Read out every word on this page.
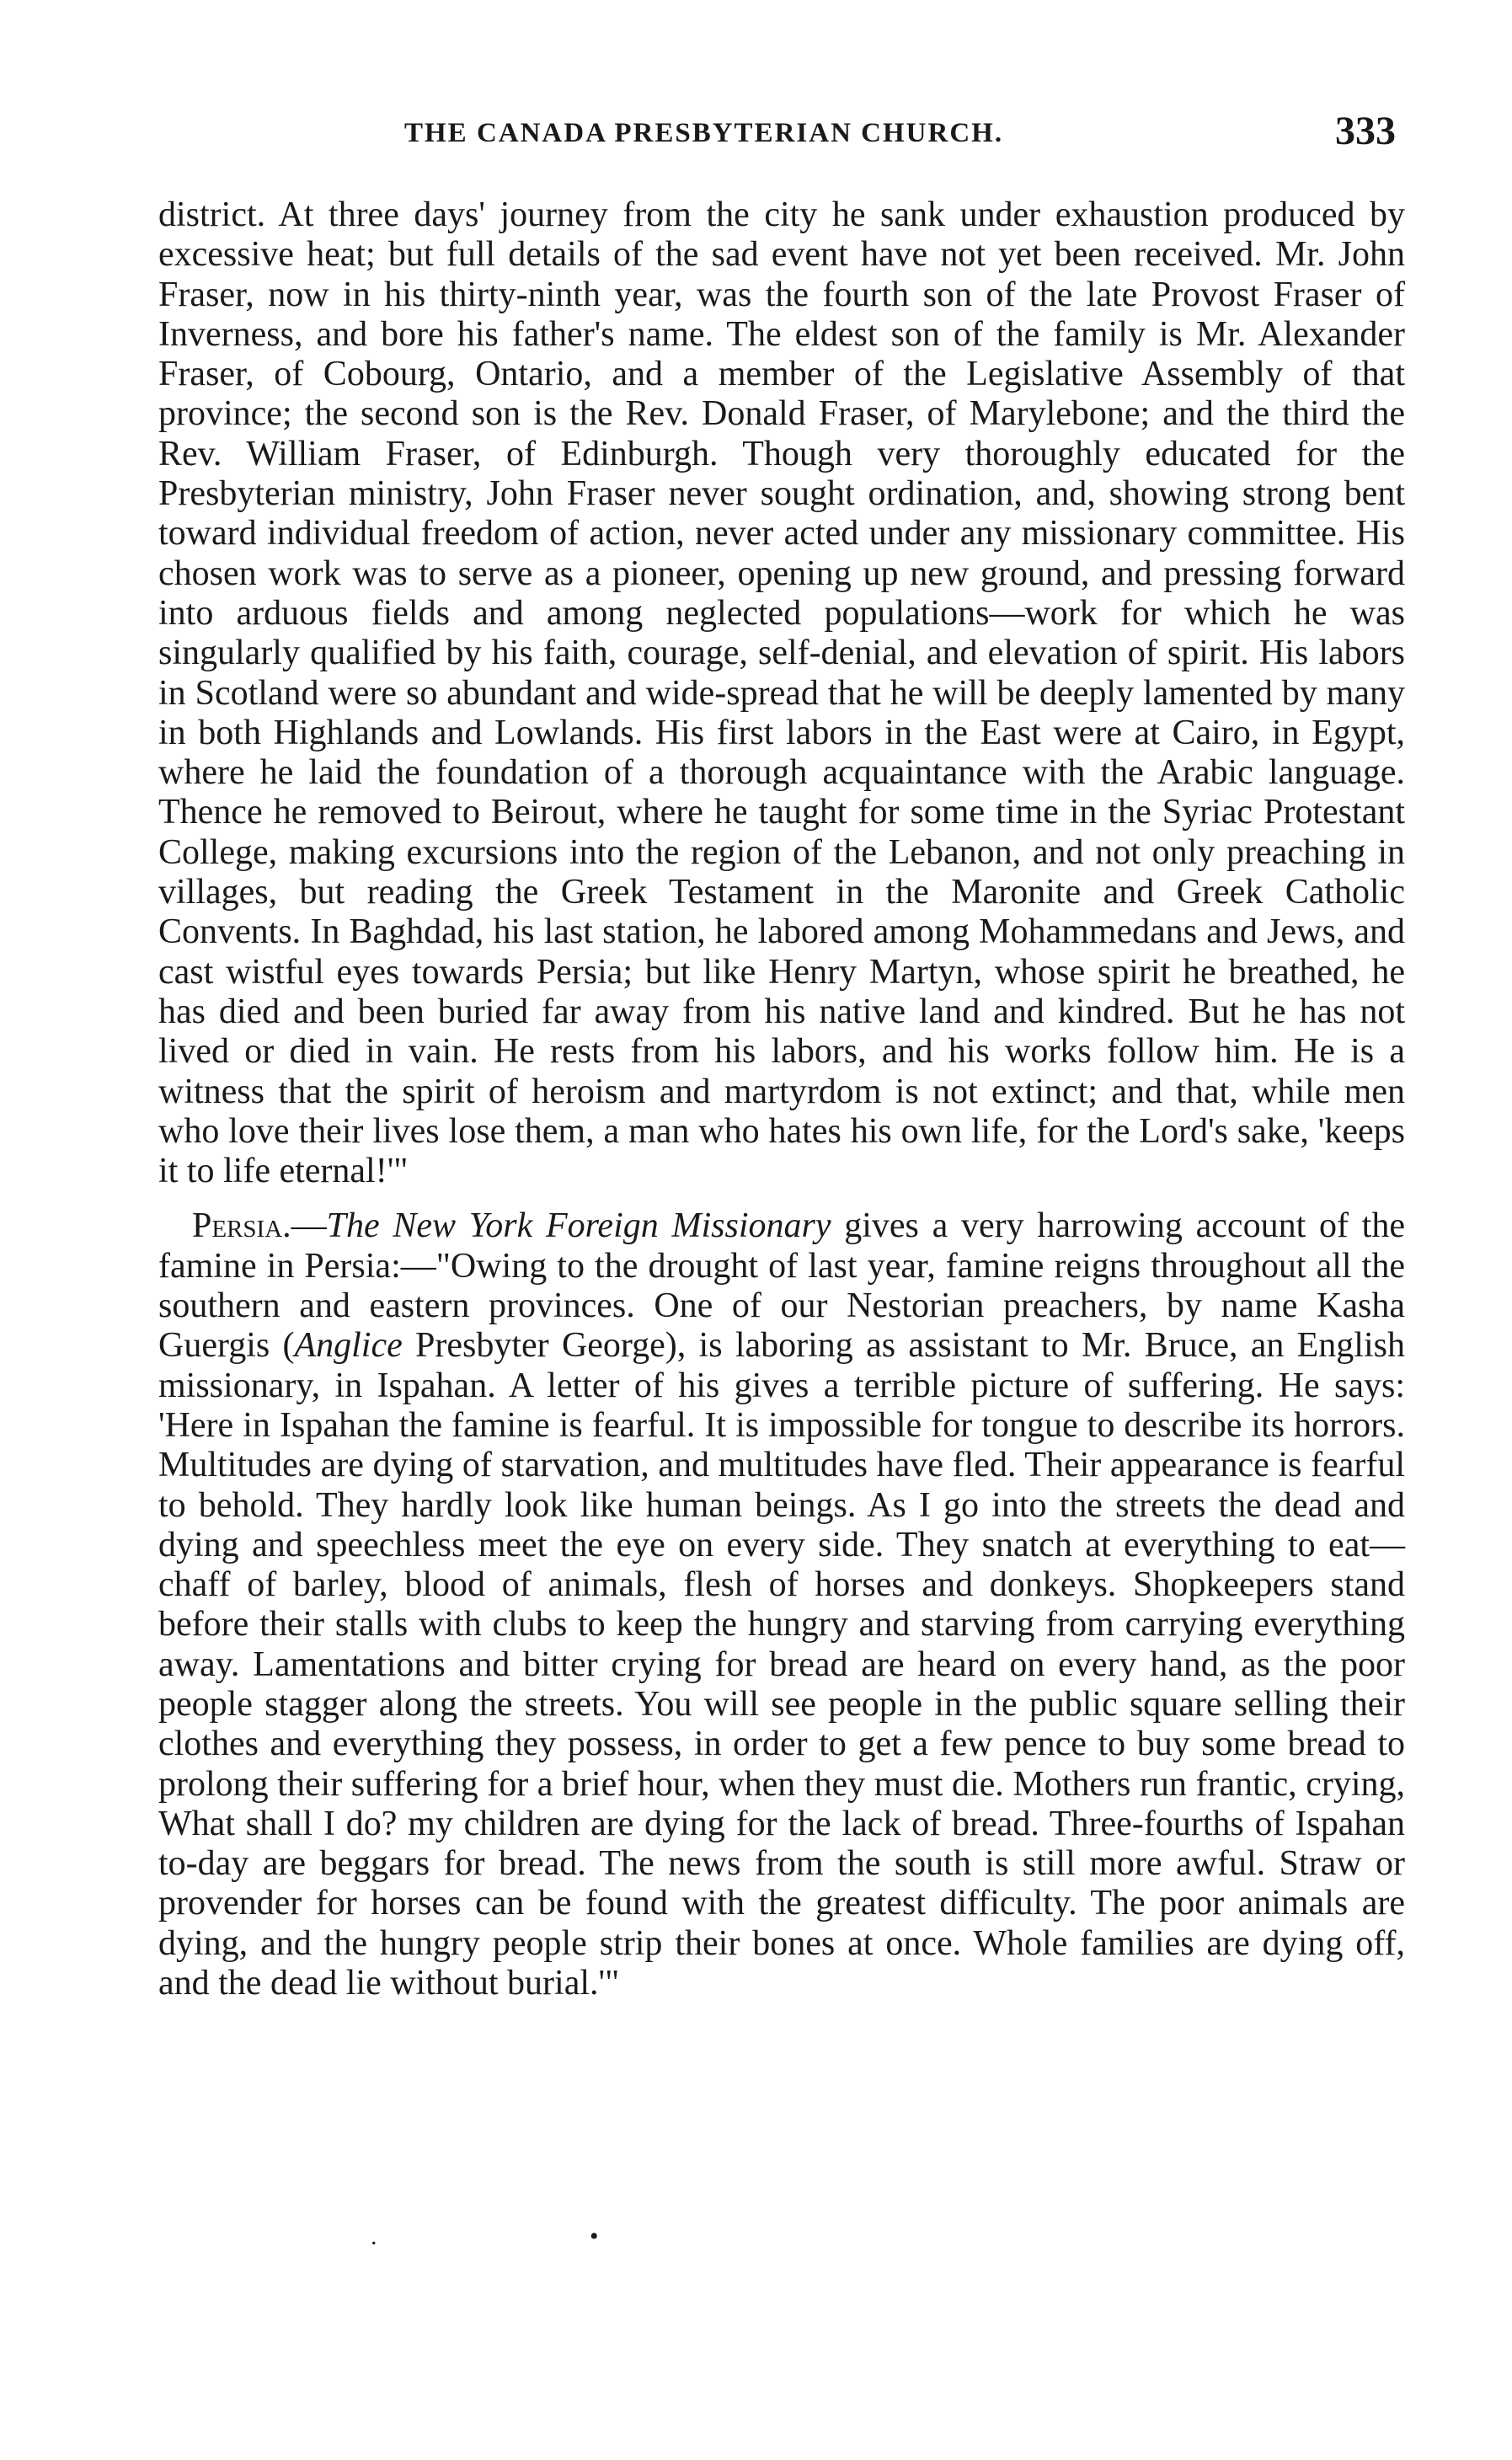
THE CANADA PRESBYTERIAN CHURCH.	333

district. At three days' journey from the city he sank under exhaustion produced by excessive heat; but full details of the sad event have not yet been received. Mr. John Fraser, now in his thirty-ninth year, was the fourth son of the late Provost Fraser of Inverness, and bore his father's name. The eldest son of the family is Mr. Alexander Fraser, of Cobourg, Ontario, and a member of the Legislative Assembly of that province; the second son is the Rev. Donald Fraser, of Marylebone; and the third the Rev. William Fraser, of Edinburgh. Though very thoroughly educated for the Presbyterian ministry, John Fraser never sought ordination, and, showing strong bent toward individual freedom of action, never acted under any missionary committee. His chosen work was to serve as a pioneer, opening up new ground, and pressing forward into arduous fields and among neglected populations—work for which he was singularly qualified by his faith, courage, self-denial, and elevation of spirit. His labors in Scotland were so abundant and wide-spread that he will be deeply lamented by many in both Highlands and Lowlands. His first labors in the East were at Cairo, in Egypt, where he laid the foundation of a thorough acquaintance with the Arabic language. Thence he removed to Beirout, where he taught for some time in the Syriac Protestant College, making excursions into the region of the Lebanon, and not only preaching in villages, but reading the Greek Testament in the Maronite and Greek Catholic Convents. In Baghdad, his last station, he labored among Mohammedans and Jews, and cast wistful eyes towards Persia; but like Henry Martyn, whose spirit he breathed, he has died and been buried far away from his native land and kindred. But he has not lived or died in vain. He rests from his labors, and his works follow him. He is a witness that the spirit of heroism and martyrdom is not extinct; and that, while men who love their lives lose them, a man who hates his own life, for the Lord's sake, 'keeps it to life eternal!'"

Persia.—The New York Foreign Missionary gives a very harrowing account of the famine in Persia:—"Owing to the drought of last year, famine reigns throughout all the southern and eastern provinces. One of our Nestorian preachers, by name Kasha Guergis (Anglice Presbyter George), is laboring as assistant to Mr. Bruce, an English missionary, in Ispahan. A letter of his gives a terrible picture of suffering. He says: 'Here in Ispahan the famine is fearful. It is impossible for tongue to describe its horrors. Multitudes are dying of starvation, and multitudes have fled. Their appearance is fearful to behold. They hardly look like human beings. As I go into the streets the dead and dying and speechless meet the eye on every side. They snatch at everything to eat—chaff of barley, blood of animals, flesh of horses and donkeys. Shopkeepers stand before their stalls with clubs to keep the hungry and starving from carrying everything away. Lamentations and bitter crying for bread are heard on every hand, as the poor people stagger along the streets. You will see people in the public square selling their clothes and everything they possess, in order to get a few pence to buy some bread to prolong their suffering for a brief hour, when they must die. Mothers run frantic, crying, What shall I do? my children are dying for the lack of bread. Three-fourths of Ispahan to-day are beggars for bread. The news from the south is still more awful. Straw or provender for horses can be found with the greatest difficulty. The poor animals are dying, and the hungry people strip their bones at once. Whole families are dying off, and the dead lie without burial.'"

.	•
